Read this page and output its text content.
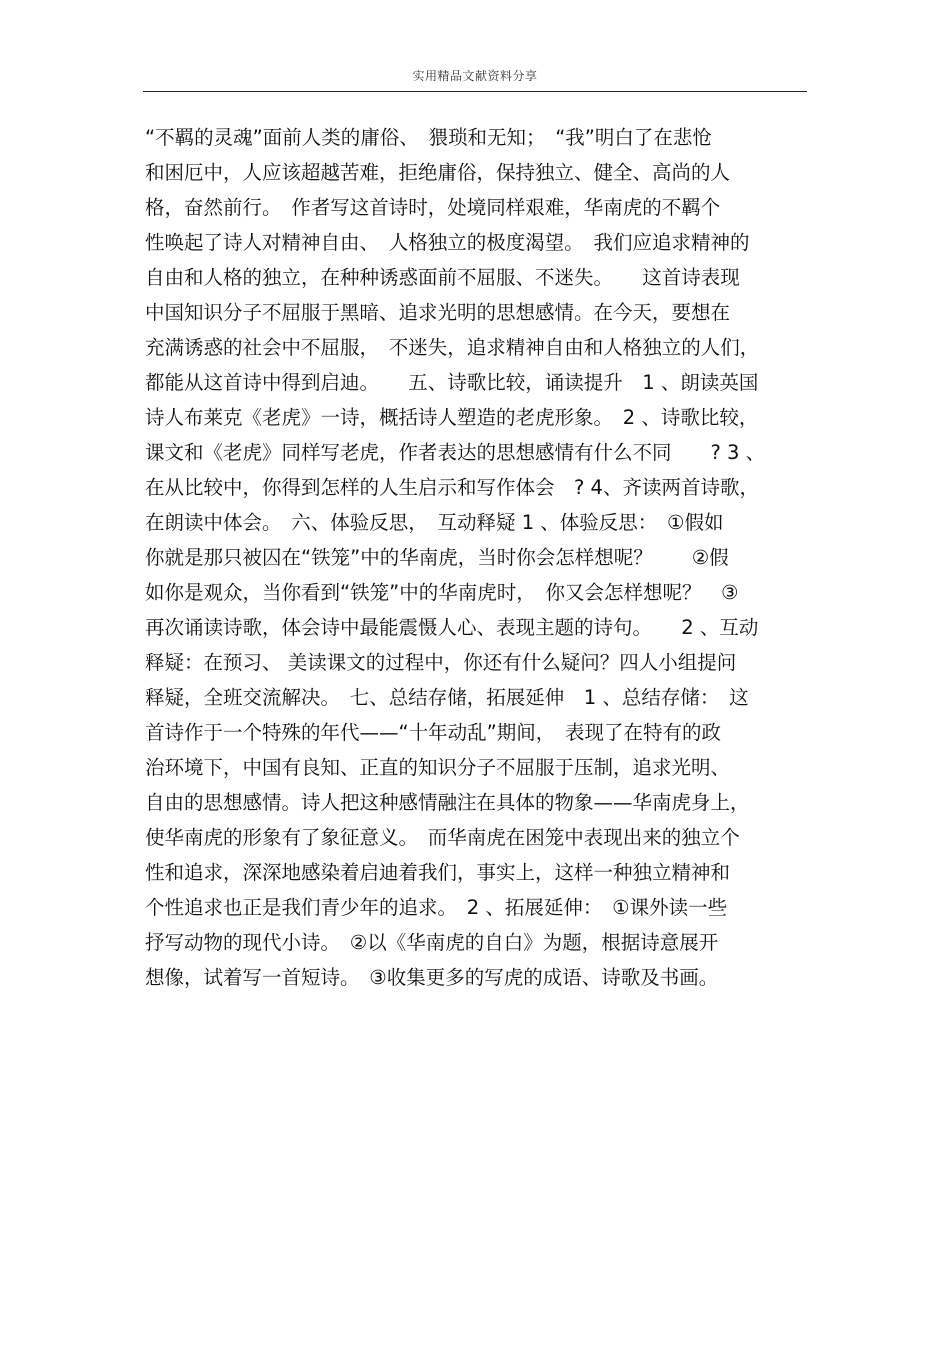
实用精品文献资料分享
“不羁的灵魂”面前人类的庸俗、　猥琐和无知；　“我”明白了在悲怆
和困厄中，人应该超越苦难，拒绝庸俗，保持独立、健全、高尚的人
格，奋然前行。　作者写这首诗时，处境同样艰难，华南虎的不羁个
性唤起了诗人对精神自由、　人格独立的极度渴望。　我们应追求精神的
自由和人格的独立，在种种诱惑面前不屈服、不迷失。　　这首诗表现
中国知识分子不屈服于黑暗、追求光明的思想感情。在今天，要想在
充满诱惑的社会中不屈服，　不迷失，追求精神自由和人格独立的人们，
都能从这首诗中得到启迪。　　五、诗歌比较，诵读提升　1 、朗读英国
诗人布莱克《老虎》一诗，概括诗人塑造的老虎形象。　2 、诗歌比较，
课文和《老虎》同样写老虎，作者表达的思想感情有什么不同　　? 3 、
在从比较中，你得到怎样的人生启示和写作体会　? 4、齐读两首诗歌，
在朗读中体会。　六、体验反思，　互动释疑 1 、体验反思：　①假如
你就是那只被囚在“铁笼”中的华南虎，当时你会怎样想呢？　　②假
如你是观众，当你看到“铁笼”中的华南虎时，　你又会怎样想呢？　③
再次诵读诗歌，体会诗中最能震慑人心、表现主题的诗句。　　2 、互动
释疑：在预习、 美读课文的过程中，你还有什么疑问？四人小组提问
释疑，全班交流解决。　七、总结存储，拓展延伸　1 、总结存储：　这
首诗作于一个特殊的年代——“十年动乱”期间，　表现了在特有的政
治环境下，中国有良知、正直的知识分子不屈服于压制，追求光明、
自由的思想感情。诗人把这种感情融注在具体的物象——华南虎身上，
使华南虎的形象有了象征意义。　而华南虎在困笼中表现出来的独立个
性和追求，深深地感染着启迪着我们，事实上，这样一种独立精神和
个性追求也正是我们青少年的追求。　2 、拓展延伸：　①课外读一些
抒写动物的现代小诗。　②以《华南虎的自白》为题，根据诗意展开
想像，试着写一首短诗。　③收集更多的写虎的成语、诗歌及书画。
